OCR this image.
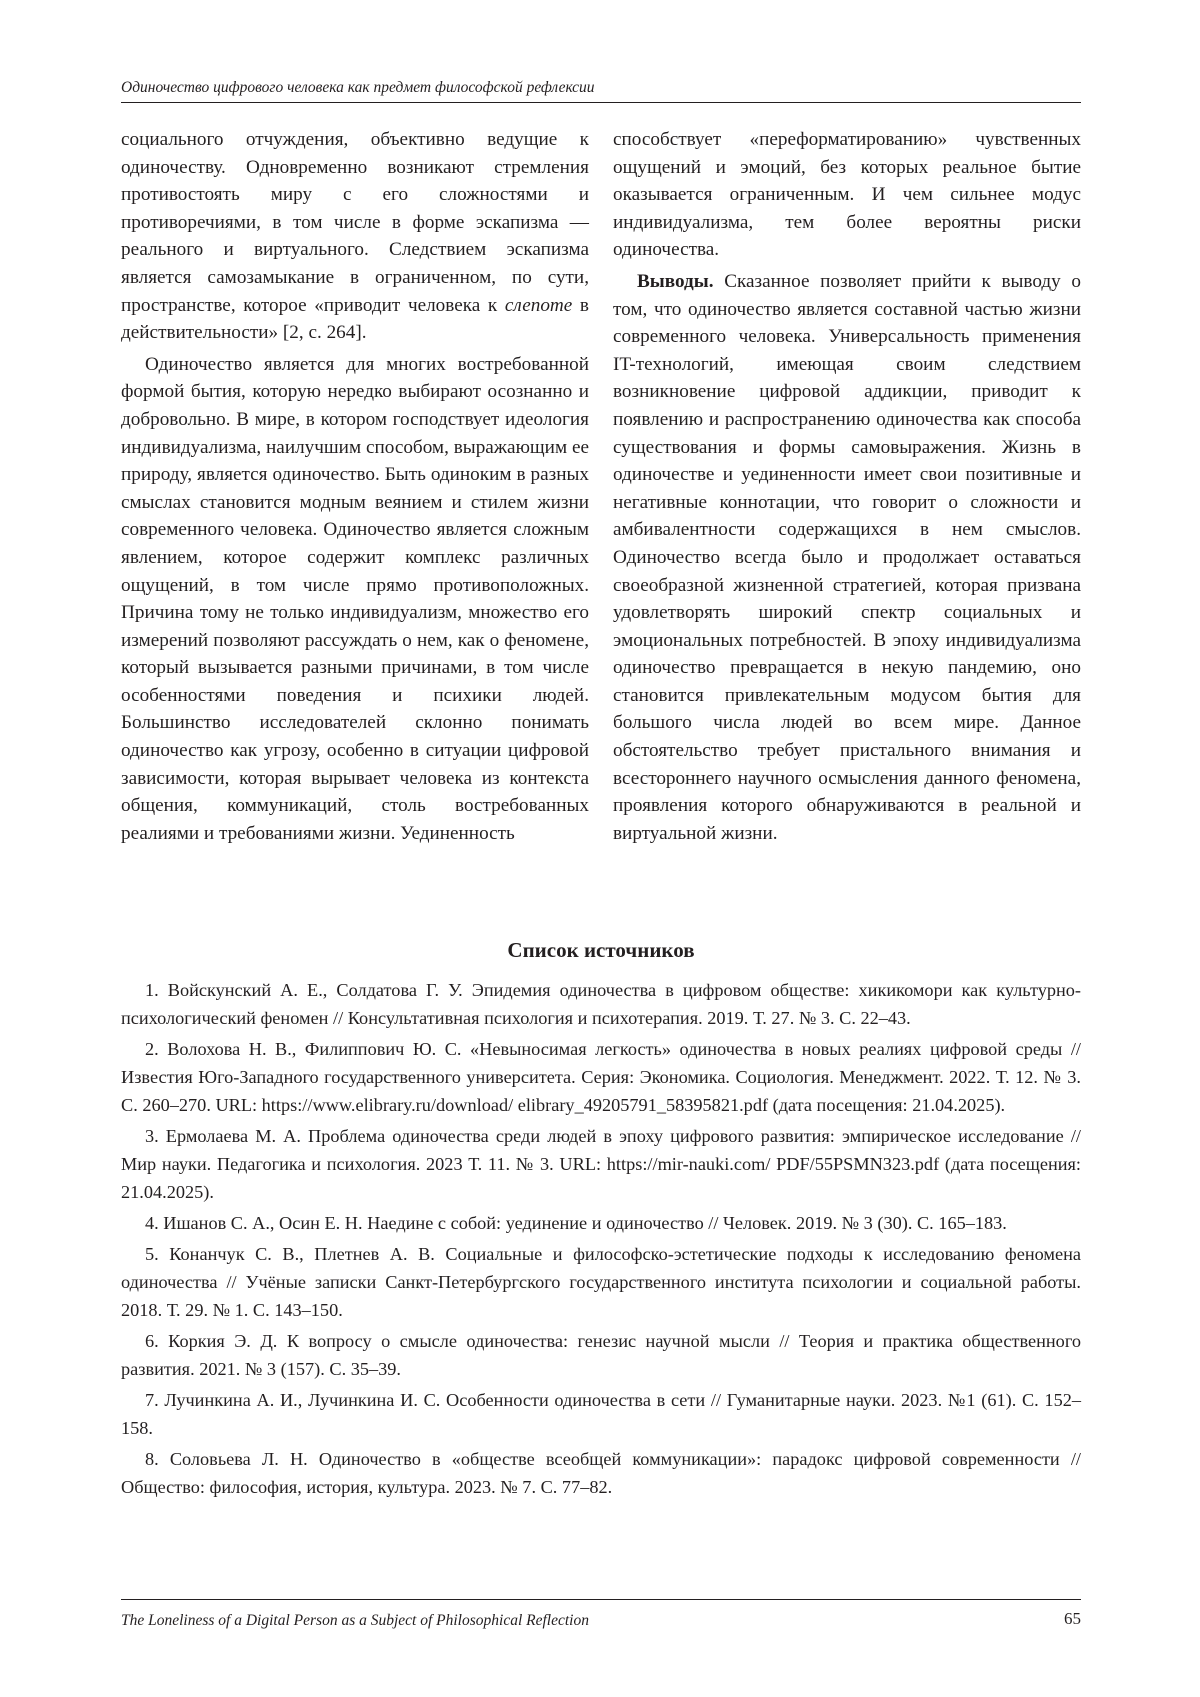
Одиночество цифрового человека как предмет философской рефлексии

социального отчуждения, объективно ведущие к одиночеству. Одновременно возникают стремления противостоять миру с его сложностями и противоречиями, в том числе в форме эскапизма — реального и виртуального. Следствием эскапизма является самозамыкание в ограниченном, по сути, пространстве, которое «приводит человека к слепоте в действительности» [2, с. 264].

Одиночество является для многих востребованной формой бытия, которую нередко выбирают осознанно и добровольно. В мире, в котором господствует идеология индивидуализма, наилучшим способом, выражающим ее природу, является одиночество. Быть одиноким в разных смыслах становится модным веянием и стилем жизни современного человека. Одиночество является сложным явлением, которое содержит комплекс различных ощущений, в том числе прямо противоположных. Причина тому не только индивидуализм, множество его измерений позволяют рассуждать о нем, как о феномене, который вызывается разными причинами, в том числе особенностями поведения и психики людей. Большинство исследователей склонно понимать одиночество как угрозу, особенно в ситуации цифровой зависимости, которая вырывает человека из контекста общения, коммуникаций, столь востребованных реалиями и требованиями жизни. Уединенность

способствует «переформатированию» чувственных ощущений и эмоций, без которых реальное бытие оказывается ограниченным. И чем сильнее модус индивидуализма, тем более вероятны риски одиночества.

Выводы. Сказанное позволяет прийти к выводу о том, что одиночество является составной частью жизни современного человека. Универсальность применения IT-технологий, имеющая своим следствием возникновение цифровой аддикции, приводит к появлению и распространению одиночества как способа существования и формы самовыражения. Жизнь в одиночестве и уединенности имеет свои позитивные и негативные коннотации, что говорит о сложности и амбивалентности содержащихся в нем смыслов. Одиночество всегда было и продолжает оставаться своеобразной жизненной стратегией, которая призвана удовлетворять широкий спектр социальных и эмоциональных потребностей. В эпоху индивидуализма одиночество превращается в некую пандемию, оно становится привлекательным модусом бытия для большого числа людей во всем мире. Данное обстоятельство требует пристального внимания и всестороннего научного осмысления данного феномена, проявления которого обнаруживаются в реальной и виртуальной жизни.

Список источников

1. Войскунский А. Е., Солдатова Г. У. Эпидемия одиночества в цифровом обществе: хикикомори как культурно-психологический феномен // Консультативная психология и психотерапия. 2019. Т. 27. № 3. С. 22–43.

2. Волохова Н. В., Филиппович Ю. С. «Невыносимая легкость» одиночества в новых реалиях цифровой среды // Известия Юго-Западного государственного университета. Серия: Экономика. Социология. Менеджмент. 2022. Т. 12. № 3. С. 260–270. URL: https://www.elibrary.ru/download/ elibrary_49205791_58395821.pdf (дата посещения: 21.04.2025).

3. Ермолаева М. А. Проблема одиночества среди людей в эпоху цифрового развития: эмпирическое исследование // Мир науки. Педагогика и психология. 2023 Т. 11. № 3. URL: https://mir-nauki.com/ PDF/55PSMN323.pdf (дата посещения: 21.04.2025).

4. Ишанов С. А., Осин Е. Н. Наедине с собой: уединение и одиночество // Человек. 2019. № 3 (30). С. 165–183.

5. Конанчук С. В., Плетнев А. В. Социальные и философско-эстетические подходы к исследованию феномена одиночества // Учёные записки Санкт-Петербургского государственного института психологии и социальной работы. 2018. Т. 29. № 1. С. 143–150.

6. Коркия Э. Д. К вопросу о смысле одиночества: генезис научной мысли // Теория и практика общественного развития. 2021. № 3 (157). С. 35–39.

7. Лучинкина А. И., Лучинкина И. С. Особенности одиночества в сети // Гуманитарные науки. 2023. №1 (61). С. 152–158.

8. Соловьева Л. Н. Одиночество в «обществе всеобщей коммуникации»: парадокс цифровой современности // Общество: философия, история, культура. 2023. № 7. С. 77–82.

The Loneliness of a Digital Person as a Subject of Philosophical Reflection	65
